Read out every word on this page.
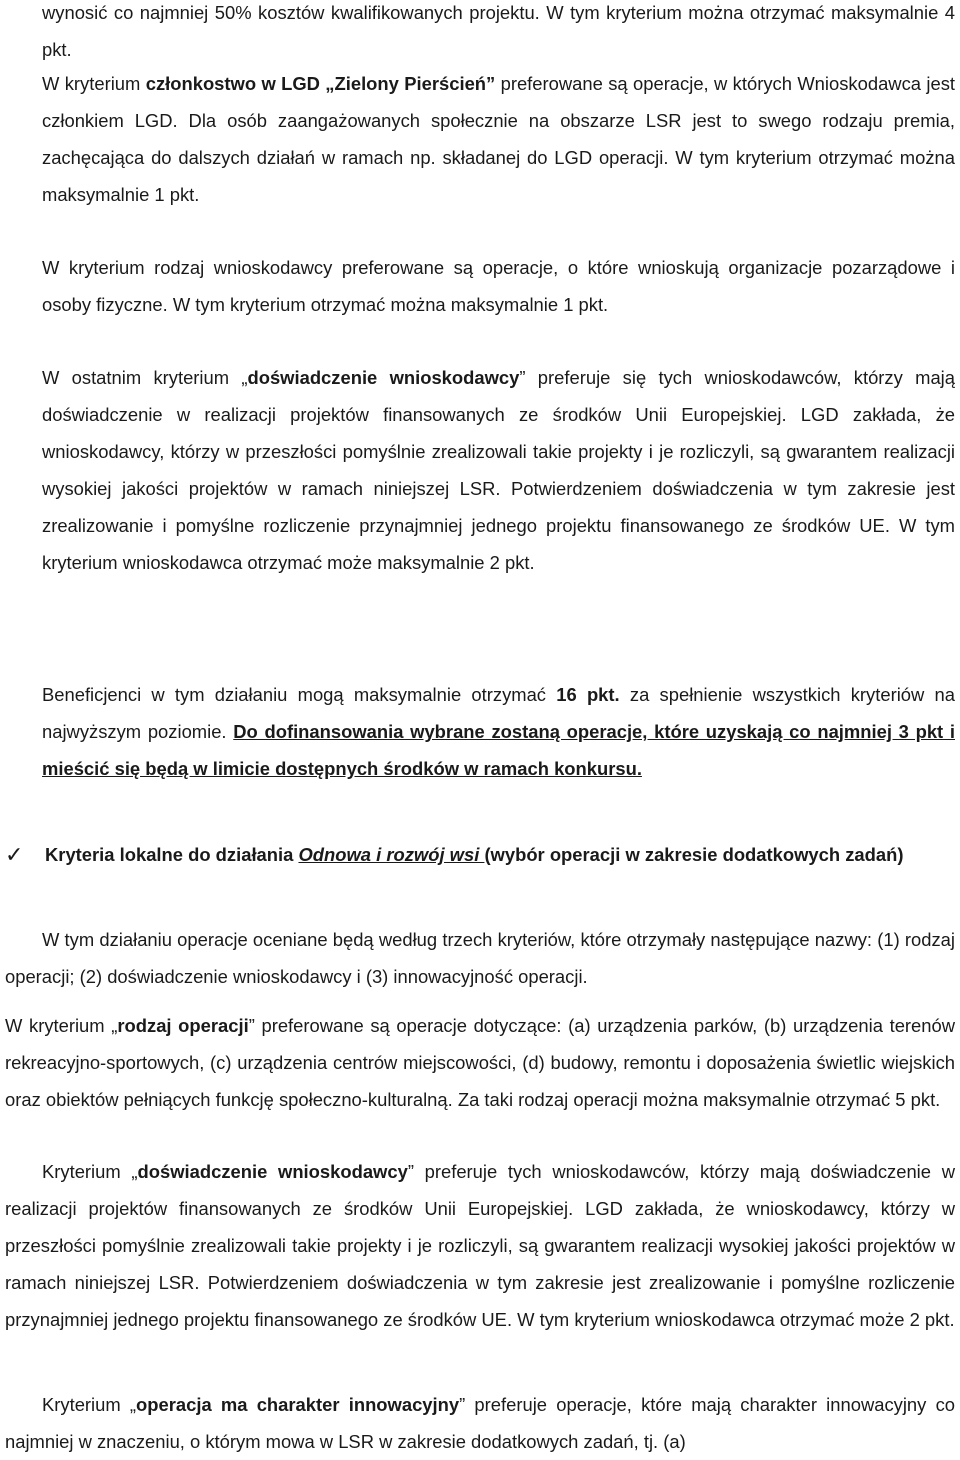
wynosić co najmniej 50% kosztów kwalifikowanych projektu. W tym kryterium można otrzymać maksymalnie 4 pkt.

W kryterium członkostwo w LGD „Zielony Pierścień” preferowane są operacje, w których Wnioskodawca jest członkiem LGD. Dla osób zaangażowanych społecznie na obszarze LSR jest to swego rodzaju premia, zachęcająca do dalszych działań w ramach np. składanej do LGD operacji. W tym kryterium otrzymać można maksymalnie 1 pkt.

W kryterium rodzaj wnioskodawcy preferowane są operacje, o które wnioskują organizacje pozarządowe i osoby fizyczne. W tym kryterium otrzymać można maksymalnie 1 pkt.

W ostatnim kryterium „doświadczenie wnioskodawcy” preferuje się tych wnioskodawców, którzy mają doświadczenie w realizacji projektów finansowanych ze środków Unii Europejskiej. LGD zakłada, że wnioskodawcy, którzy w przeszłości pomyślnie zrealizowali takie projekty i je rozliczyli, są gwarantem realizacji wysokiej jakości projektów w ramach niniejszej LSR. Potwierdzeniem doświadczenia w tym zakresie jest zrealizowanie i pomyślne rozliczenie przynajmniej jednego projektu finansowanego ze środków UE. W tym kryterium wnioskodawca otrzymać może maksymalnie 2 pkt.

Beneficjenci w tym działaniu mogą maksymalnie otrzymać 16 pkt. za spełnienie wszystkich kryteriów na najwyższym poziomie. Do dofinansowania wybrane zostaną operacje, które uzyskają co najmniej 3 pkt i mieścić się będą w limicie dostępnych środków w ramach konkursu.

✓	Kryteria lokalne do działania Odnowa i rozwój wsi (wybór operacji w zakresie dodatkowych zadań)

W tym działaniu operacje oceniane będą według trzech kryteriów, które otrzymały następujące nazwy: (1) rodzaj operacji; (2) doświadczenie wnioskodawcy i (3) innowacyjność operacji.

W kryterium „rodzaj operacji” preferowane są operacje dotyczące: (a) urządzenia parków, (b) urządzenia terenów rekreacyjno-sportowych, (c) urządzenia centrów miejscowości, (d) budowy, remontu i doposażenia świetlic wiejskich oraz obiektów pełniących funkcję społeczno-kulturalną. Za taki rodzaj operacji można maksymalnie otrzymać 5 pkt.

Kryterium „doświadczenie wnioskodawcy” preferuje tych wnioskodawców, którzy mają doświadczenie w realizacji projektów finansowanych ze środków Unii Europejskiej. LGD zakłada, że wnioskodawcy, którzy w przeszłości pomyślnie zrealizowali takie projekty i je rozliczyli, są gwarantem realizacji wysokiej jakości projektów w ramach niniejszej LSR. Potwierdzeniem doświadczenia w tym zakresie jest zrealizowanie i pomyślne rozliczenie przynajmniej jednego projektu finansowanego ze środków UE. W tym kryterium wnioskodawca otrzymać może 2 pkt.

Kryterium „operacja ma charakter innowacyjny” preferuje operacje, które mają charakter innowacyjny co najmniej w znaczeniu, o którym mowa w LSR w zakresie dodatkowych zadań, tj. (a)
